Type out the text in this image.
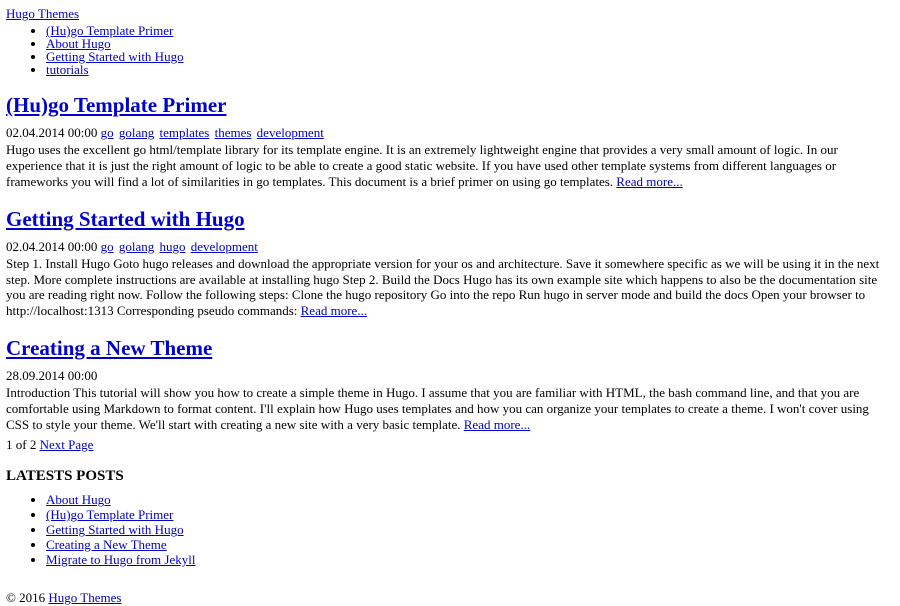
Hugo Themes
• (Hu)go Template Primer
• About Hugo
• Getting Started with Hugo
• tutorials
(Hu)go Template Primer
02.04.2014 00:00 go golang templates themes development

Hugo uses the excellent go html/template library for its template engine. It is an extremely lightweight engine that provides a very small amount of logic. In our experience that it is just the right amount of logic to be able to create a good static website. If you have used other template systems from different languages or frameworks you will find a lot of similarities in go templates. This document is a brief primer on using go templates. Read more...

Getting Started with Hugo
02.04.2014 00:00 go golang hugo development

Step 1. Install Hugo Goto hugo releases and download the appropriate version for your os and architecture. Save it somewhere specific as we will be using it in the next step. More complete instructions are available at installing hugo Step 2. Build the Docs Hugo has its own example site which happens to also be the documentation site you are reading right now. Follow the following steps: Clone the hugo repository Go into the repo Run hugo in server mode and build the docs Open your browser to http://localhost:1313 Corresponding pseudo commands: Read more...

Creating a New Theme
28.09.2014 00:00

Introduction This tutorial will show you how to create a simple theme in Hugo. I assume that you are familiar with HTML, the bash command line, and that you are comfortable using Markdown to format content. I'll explain how Hugo uses templates and how you can organize your templates to create a theme. I won't cover using CSS to style your theme. We'll start with creating a new site with a very basic template. Read more...

1 of 2 Next Page
LATESTS POSTS
• About Hugo
• (Hu)go Template Primer
• Getting Started with Hugo
• Creating a New Theme
• Migrate to Hugo from Jekyll
© 2016 Hugo Themes
